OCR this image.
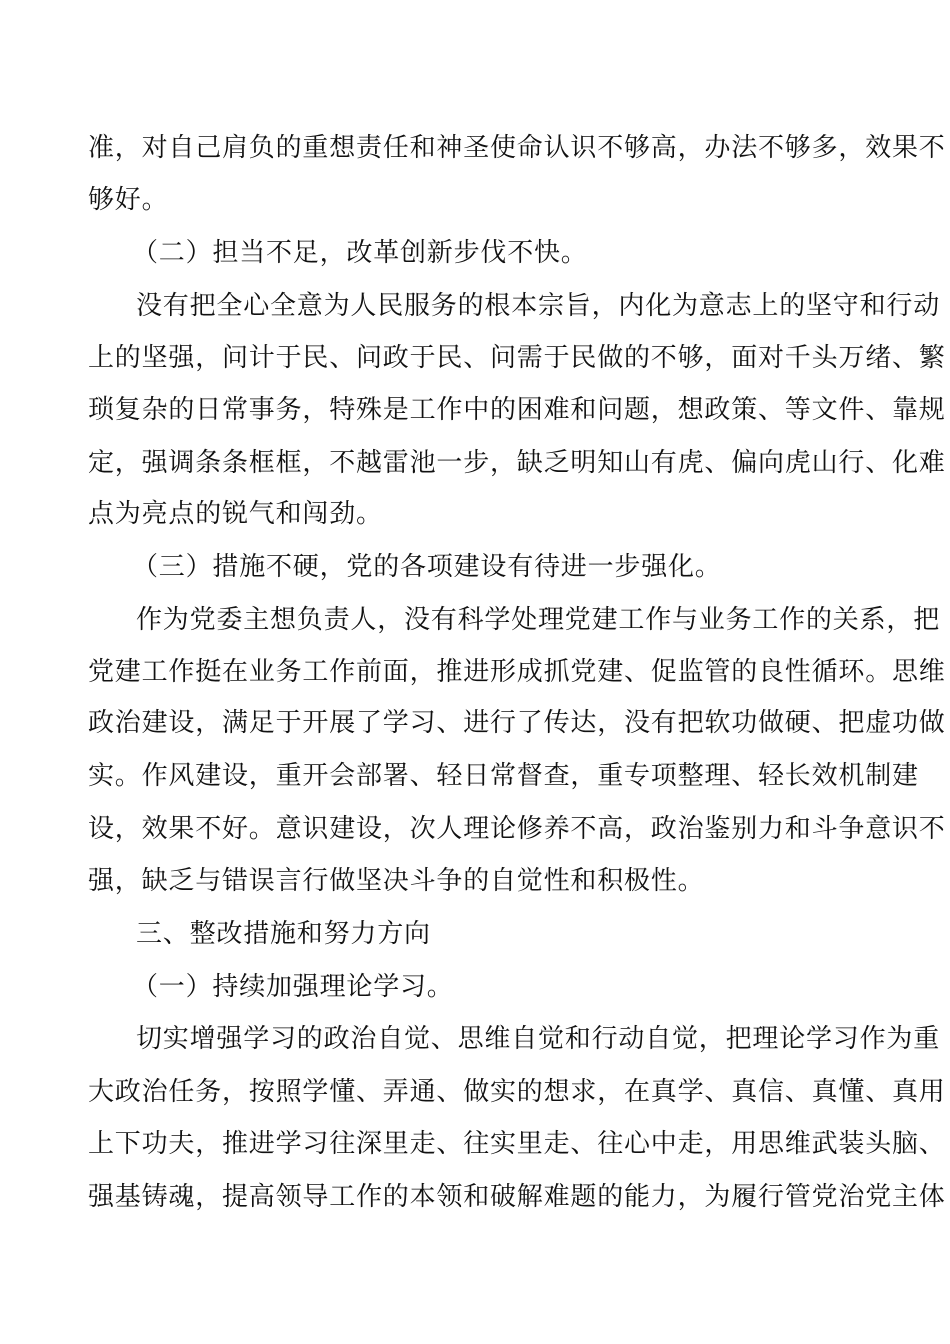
准，对自己肩负的重想责任和神圣使命认识不够高，办法不够多，效果不
够好。
（二）担当不足，改革创新步伐不快。
没有把全心全意为人民服务的根本宗旨，内化为意志上的坚守和行动
上的坚强，问计于民、问政于民、问需于民做的不够，面对千头万绪、繁
琐复杂的日常事务，特殊是工作中的困难和问题，想政策、等文件、靠规
定，强调条条框框，不越雷池一步，缺乏明知山有虎、偏向虎山行、化难
点为亮点的锐气和闯劲。
（三）措施不硬，党的各项建设有待进一步强化。
作为党委主想负责人，没有科学处理党建工作与业务工作的关系，把
党建工作挺在业务工作前面，推进形成抓党建、促监管的良性循环。思维
政治建设，满足于开展了学习、进行了传达，没有把软功做硬、把虚功做
实。作风建设，重开会部署、轻日常督查，重专项整理、轻长效机制建
设，效果不好。意识建设，次人理论修养不高，政治鉴别力和斗争意识不
强，缺乏与错误言行做坚决斗争的自觉性和积极性。
三、整改措施和努力方向
（一）持续加强理论学习。
切实增强学习的政治自觉、思维自觉和行动自觉，把理论学习作为重
大政治任务，按照学懂、弄通、做实的想求，在真学、真信、真懂、真用
上下功夫，推进学习往深里走、往实里走、往心中走，用思维武装头脑、
强基铸魂，提高领导工作的本领和破解难题的能力，为履行管党治党主体
